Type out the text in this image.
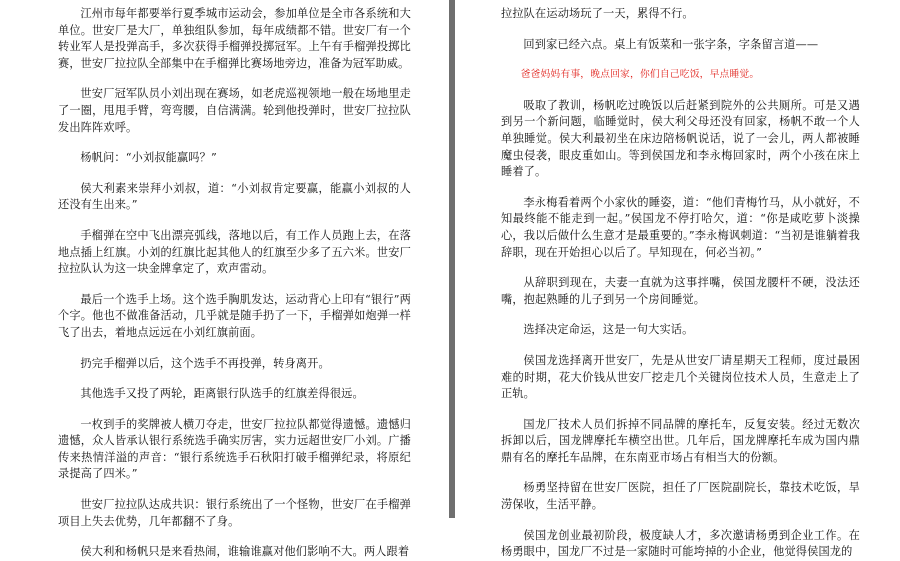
江州市每年都要举行夏季城市运动会，参加单位是全市各系统和大单位。世安厂是大厂，单独组队参加，每年成绩都不错。世安厂有一个转业军人是投弹高手，多次获得手榴弹投掷冠军。上午有手榴弹投掷比赛，世安厂拉拉队全部集中在手榴弹比赛场地旁边，准备为冠军助威。

世安厂冠军队员小刘出现在赛场，如老虎巡视领地一般在场地里走了一圈，甩甩手臂，弯弯腰，自信满满。轮到他投弹时，世安厂拉拉队发出阵阵欢呼。

杨帆问：“小刘叔能赢吗？”

侯大利素来崇拜小刘叔，道：“小刘叔肯定要赢，能赢小刘叔的人还没有生出来。”

手榴弹在空中飞出漂亮弧线，落地以后，有工作人员跑上去，在落地点插上红旗。小刘的红旗比起其他人的红旗至少多了五六米。世安厂拉拉队认为这一块金牌拿定了，欢声雷动。

最后一个选手上场。这个选手胸肌发达，运动背心上印有“银行”两个字。他也不做准备活动，几乎就是随手扔了一下，手榴弹如炮弹一样飞了出去，着地点远远在小刘红旗前面。

扔完手榴弹以后，这个选手不再投弹，转身离开。

其他选手又投了两轮，距离银行队选手的红旗差得很远。

一枚到手的奖牌被人横刀夺走，世安厂拉拉队都觉得遗憾。遗憾归遗憾，众人皆承认银行系统选手确实厉害，实力远超世安厂小刘。广播传来热情洋溢的声音：“银行系统选手石秋阳打破手榴弹纪录，将原纪录提高了四米。”

世安厂拉拉队达成共识：银行系统出了一个怪物，世安厂在手榴弹项目上失去优势，几年都翻不了身。

侯大利和杨帆只是来看热闹，谁输谁赢对他们影响不大。两人跟着

拉拉队在运动场玩了一天，累得不行。

回到家已经六点。桌上有饭菜和一张字条，字条留言道——

爸爸妈妈有事，晚点回家，你们自己吃饭，早点睡觉。

吸取了教训，杨帆吃过晚饭以后赶紧到院外的公共厕所。可是又遇到另一个新问题，临睡觉时，侯大利父母还没有回家，杨帆不敢一个人单独睡觉。侯大利最初坐在床边陪杨帆说话，说了一会儿，两人都被睡魔虫侵袭，眼皮重如山。等到侯国龙和李永梅回家时，两个小孩在床上睡着了。

李永梅看着两个小家伙的睡姿，道：“他们青梅竹马，从小就好，不知最终能不能走到一起。”侯国龙不停打哈欠，道：“你是咸吃萝卜淡操心，我以后做什么生意才是最重要的。”李永梅讽刺道：“当初是谁躺着我辞职，现在开始担心以后了。早知现在，何必当初。”

从辞职到现在，夫妻一直就为这事拌嘴，侯国龙腰杆不硬，没法还嘴，抱起熟睡的儿子到另一个房间睡觉。

选择决定命运，这是一句大实话。

侯国龙选择离开世安厂，先是从世安厂请星期天工程师，度过最困难的时期，花大价钱从世安厂挖走几个关键岗位技术人员，生意走上了正轨。

国龙厂技术人员们拆掉不同品牌的摩托车，反复安装。经过无数次拆卸以后，国龙牌摩托车横空出世。几年后，国龙牌摩托车成为国内鼎鼎有名的摩托车品牌，在东南亚市场占有相当大的份额。

杨勇坚持留在世安厂医院，担任了厂医院副院长，靠技术吃饭，旱涝保收，生活平静。

侯国龙创业最初阶段，极度缺人才，多次邀请杨勇到企业工作。在杨勇眼中，国龙厂不过是一家随时可能垮掉的小企业，他觉得侯国龙的
